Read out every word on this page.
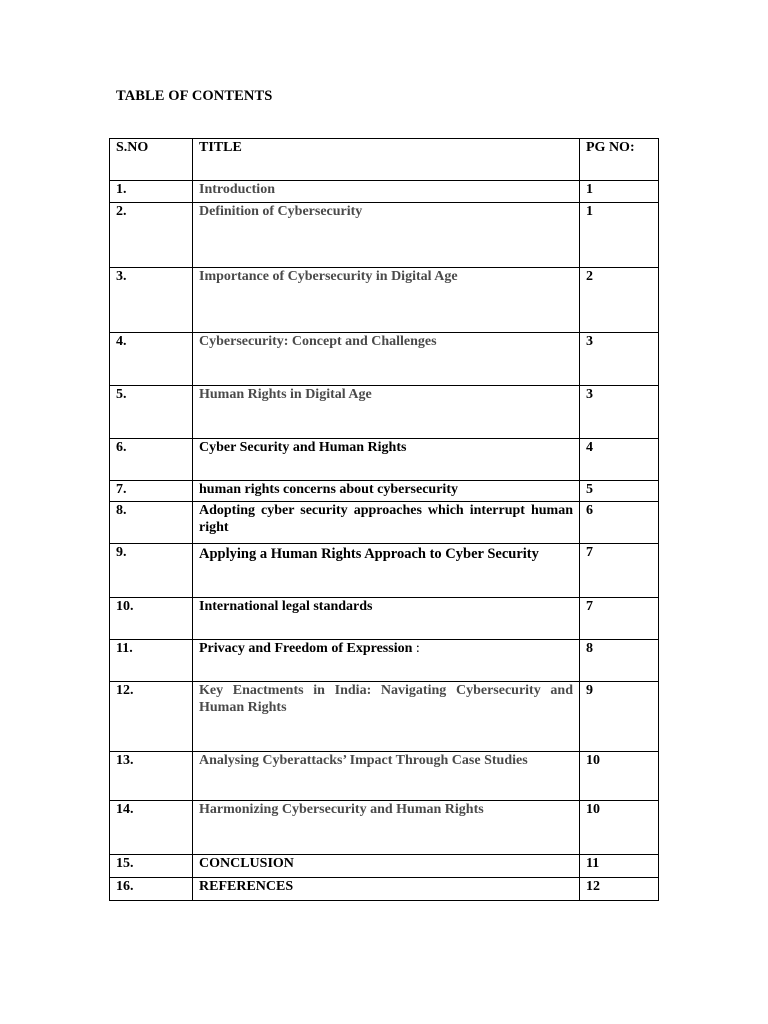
TABLE OF CONTENTS
S.NO	TITLE	PG NO:
1.	Introduction	1
2.	Definition of Cybersecurity	1
3.	Importance of Cybersecurity in Digital Age	2
4.	Cybersecurity: Concept and Challenges	3
5.	Human Rights in Digital Age	3
6.	Cyber Security and Human Rights	4
7.	human rights concerns about cybersecurity	5
8.	Adopting cyber security approaches which interrupt human right	6
9.	Applying a Human Rights Approach to Cyber Security	7
10.	International legal standards	7
11.	Privacy and Freedom of Expression :	8
12.	Key Enactments in India: Navigating Cybersecurity and Human Rights	9
13.	Analysing Cyberattacks’ Impact Through Case Studies	10
14.	Harmonizing Cybersecurity and Human Rights	10
15.	CONCLUSION	11
16.	REFERENCES	12
